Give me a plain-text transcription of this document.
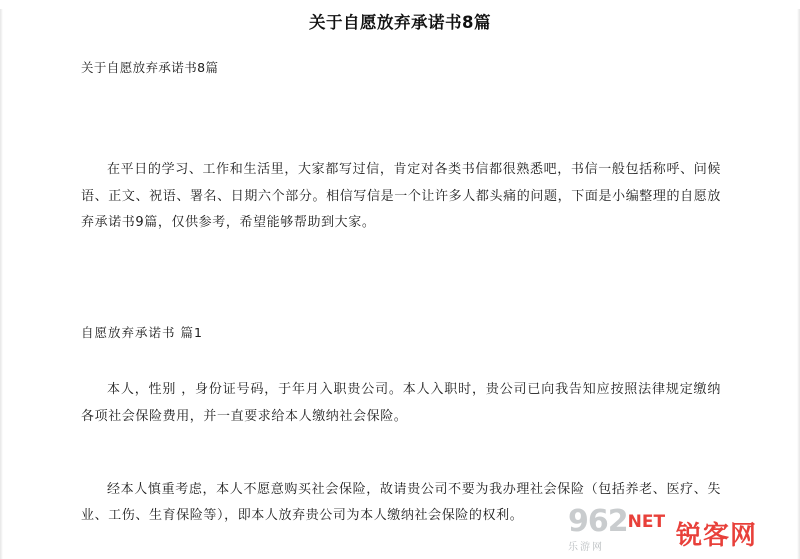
关于自愿放弃承诺书8篇
关于自愿放弃承诺书8篇

在平日的学习、工作和生活里，大家都写过信，肯定对各类书信都很熟悉吧，书信一般包括称呼、问候语、正文、祝语、署名、日期六个部分。相信写信是一个让许多人都头痛的问题，下面是小编整理的自愿放弃承诺书9篇，仅供参考，希望能够帮助到大家。

自愿放弃承诺书 篇1

本人，性别 ，身份证号码，于年月入职贵公司。本人入职时，贵公司已向我告知应按照法律规定缴纳各项社会保险费用，并一直要求给本人缴纳社会保险。

经本人慎重考虑，本人不愿意购买社会保险，故请贵公司不要为我办理社会保险（包括养老、医疗、失业、工伤、生育保险等），即本人放弃贵公司为本人缴纳社会保险的权利。	$962^{NET}$
乐游网	锐客网
